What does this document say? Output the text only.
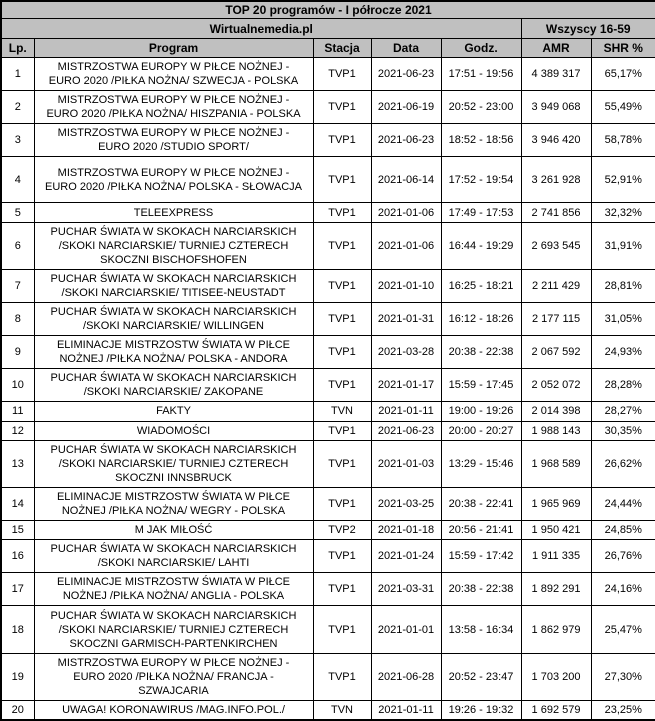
TOP 20 programów - I półrocze 2021						
Wirtualnemedia.pl					Wszyscy 16-59	
Lp.	Program	Stacja	Data	Godz.	AMR	SHR %
1	MISTRZOSTWA EUROPY W PIŁCE NOŻNEJ - EURO 2020 /PIŁKA NOŻNA/ SZWECJA - POLSKA	TVP1	2021-06-23	17:51 - 19:56	4 389 317	65,17%
2	MISTRZOSTWA EUROPY W PIŁCE NOŻNEJ - EURO 2020 /PIŁKA NOŻNA/ HISZPANIA - POLSKA	TVP1	2021-06-19	20:52 - 23:00	3 949 068	55,49%
3	MISTRZOSTWA EUROPY W PIŁCE NOŻNEJ - EURO 2020 /STUDIO SPORT/	TVP1	2021-06-23	18:52 - 18:56	3 946 420	58,78%
4	MISTRZOSTWA EUROPY W PIŁCE NOŻNEJ - EURO 2020 /PIŁKA NOŻNA/ POLSKA - SŁOWACJA	TVP1	2021-06-14	17:52 - 19:54	3 261 928	52,91%
5	TELEEXPRESS	TVP1	2021-01-06	17:49 - 17:53	2 741 856	32,32%
6	PUCHAR ŚWIATA W SKOKACH NARCIARSKICH /SKOKI NARCIARSKIE/ TURNIEJ CZTERECH SKOCZNI BISCHOFSHOFEN	TVP1	2021-01-06	16:44 - 19:29	2 693 545	31,91%
7	PUCHAR ŚWIATA W SKOKACH NARCIARSKICH /SKOKI NARCIARSKIE/ TITISEE-NEUSTADT	TVP1	2021-01-10	16:25 - 18:21	2 211 429	28,81%
8	PUCHAR ŚWIATA W SKOKACH NARCIARSKICH /SKOKI NARCIARSKIE/ WILLINGEN	TVP1	2021-01-31	16:12 - 18:26	2 177 115	31,05%
9	ELIMINACJE MISTRZOSTW ŚWIATA W PIŁCE NOŻNEJ /PIŁKA NOŻNA/ POLSKA - ANDORA	TVP1	2021-03-28	20:38 - 22:38	2 067 592	24,93%
10	PUCHAR ŚWIATA W SKOKACH NARCIARSKICH /SKOKI NARCIARSKIE/ ZAKOPANE	TVP1	2021-01-17	15:59 - 17:45	2 052 072	28,28%
11	FAKTY	TVN	2021-01-11	19:00 - 19:26	2 014 398	28,27%
12	WIADOMOŚCI	TVP1	2021-06-23	20:00 - 20:27	1 988 143	30,35%
13	PUCHAR ŚWIATA W SKOKACH NARCIARSKICH /SKOKI NARCIARSKIE/ TURNIEJ CZTERECH SKOCZNI INNSBRUCK	TVP1	2021-01-03	13:29 - 15:46	1 968 589	26,62%
14	ELIMINACJE MISTRZOSTW ŚWIATA W PIŁCE NOŻNEJ /PIŁKA NOŻNA/ WEGRY - POLSKA	TVP1	2021-03-25	20:38 - 22:41	1 965 969	24,44%
15	M JAK MIŁOŚĆ	TVP2	2021-01-18	20:56 - 21:41	1 950 421	24,85%
16	PUCHAR ŚWIATA W SKOKACH NARCIARSKICH /SKOKI NARCIARSKIE/ LAHTI	TVP1	2021-01-24	15:59 - 17:42	1 911 335	26,76%
17	ELIMINACJE MISTRZOSTW ŚWIATA W PIŁCE NOŻNEJ /PIŁKA NOŻNA/ ANGLIA - POLSKA	TVP1	2021-03-31	20:38 - 22:38	1 892 291	24,16%
18	PUCHAR ŚWIATA W SKOKACH NARCIARSKICH /SKOKI NARCIARSKIE/ TURNIEJ CZTERECH SKOCZNI GARMISCH-PARTENKIRCHEN	TVP1	2021-01-01	13:58 - 16:34	1 862 979	25,47%
19	MISTRZOSTWA EUROPY W PIŁCE NOŻNEJ - EURO 2020 /PIŁKA NOŻNA/ FRANCJA - SZWAJCARIA	TVP1	2021-06-28	20:52 - 23:47	1 703 200	27,30%
20	UWAGA! KORONAWIRUS /MAG.INFO.POL./	TVN	2021-01-11	19:26 - 19:32	1 692 579	23,25%
